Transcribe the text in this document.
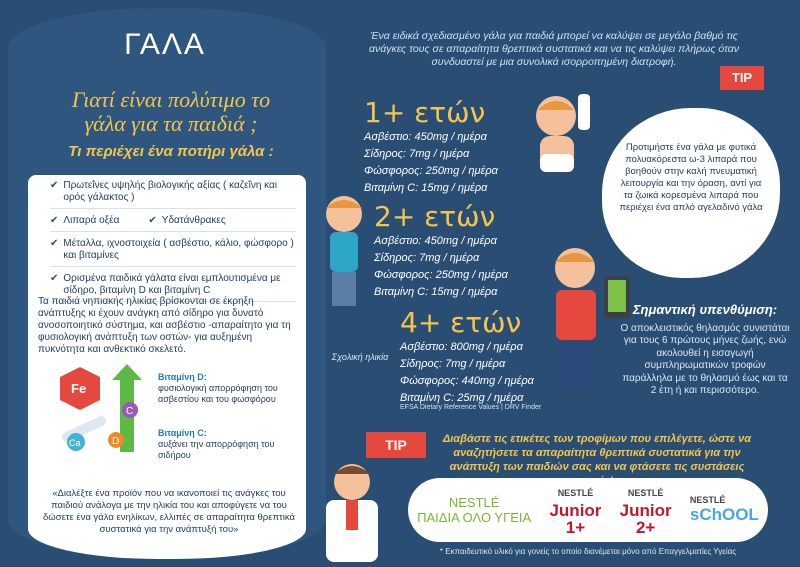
ΓΑΛΑ
Γιατί είναι πολύτιμο το γάλα για τα παιδιά ;
Τι περιέχει ένα ποτήρι γάλα :
✔ Πρωτεΐνες υψηλής βιολογικής αξίας ( καζεΐνη και ορός γάλακτος )
✔ Λιπαρά οξέα	✔ Υδατάνθρακες
✔ Μέταλλα, ιχνοστοιχεία ( ασβέστιο, κάλιο, φώσφορο ) και βιταμίνες
✔ Ορισμένα παιδικά γάλατα είναι εμπλουτισμένα με σίδηρο, βιταμίνη D και βιταμίνη C
Τα παιδιά νηπιακής ηλικίας βρίσκονται σε έκρηξη ανάπτυξης κι έχουν ανάγκη από σίδηρο για δυνατό ανοσοποιητικό σύστημα, και ασβέστιο -απαραίτητο για τη φυσιολογική ανάπτυξη των οστών- για αυξημένη πυκνότητα και ανθεκτικό σκελετό.
Fe
C
D
Ca
Βιταμίνη D:
φυσιολογική απορρόφηση του ασβεστίου και του φωσφόρου
Βιταμίνη C:
αυξάνει την απορρόφηση του σιδήρου
«Διαλέξτε ένα προϊόν που να ικανοποιεί τις ανάγκες του παιδιού ανάλογα με την ηλικία του και αποφύγετε να του δώσετε ένα γάλα ενηλίκων, ελλιπές σε απαραίτητα θρεπτικά συστατικά για την ανάπτυξή του»
Ένα ειδικά σχεδιασμένο γάλα για παιδιά μπορεί να καλύψει σε μεγάλο βαθμό τις ανάγκες τους σε απαραίτητα θρεπτικά συστατικά και να τις καλύψει πλήρως όταν συνδυαστεί με μια συνολικά ισορροπημένη διατροφή.
TIP
1+ ετών
Ασβέστιο: 450mg / ημέρα
Σίδηρος: 7mg / ημέρα
Φώσφορος: 250mg / ημέρα
Βιταμίνη C: 15mg / ημέρα
2+ ετών
Ασβέστιο: 450mg / ημέρα
Σίδηρος: 7mg / ημέρα
Φώσφορος: 250mg / ημέρα
Βιταμίνη C: 15mg / ημέρα
4+ ετών
Ασβέστιο: 800mg / ημέρα
Σίδηρος: 7mg / ημέρα
Φώσφορος: 440mg / ημέρα
Βιταμίνη C: 25mg / ημέρα
Σχολική ηλικία
EFSA Dietary Reference Values | DRV Finder
Προτιμήστε ένα γάλα με φυτικά πολυακόρεστα ω-3 λιπαρά που βοηθούν στην καλή πνευματική λειτουργία και την όραση, αντί για τα ζωικά κορεσμένα λιπαρά που περιέχει ένα απλό αγελαδινό γάλα
Σημαντική υπενθύμιση:
Ο αποκλειστικός θηλασμός συνιστάται για τους 6 πρώτους μήνες ζωής, ενώ ακολουθεί η εισαγωγή συμπληρωματικών τροφών παράλληλα με το θηλασμό έως και τα 2 έτη ή και περισσότερο.
TIP	Διαβάστε τις ετικέτες των τροφίμων που επιλέγετε, ώστε να αναζητήσετε τα απαραίτητα θρεπτικά συστατικά για την ανάπτυξη των παιδιών σας και να φτάσετε τις συστάσεις
NESTLÉ
ΠΑΙΔΙΑ ΟΛΟ ΥΓΕΙΑ
NESTLÉ
Junior
1+
NESTLÉ
Junior
2+
NESTLÉ
sChOOL
* Εκπαιδευτικό υλικό για γονείς το οποίο διανέμεται μόνο από Επαγγελματίες Υγείας
